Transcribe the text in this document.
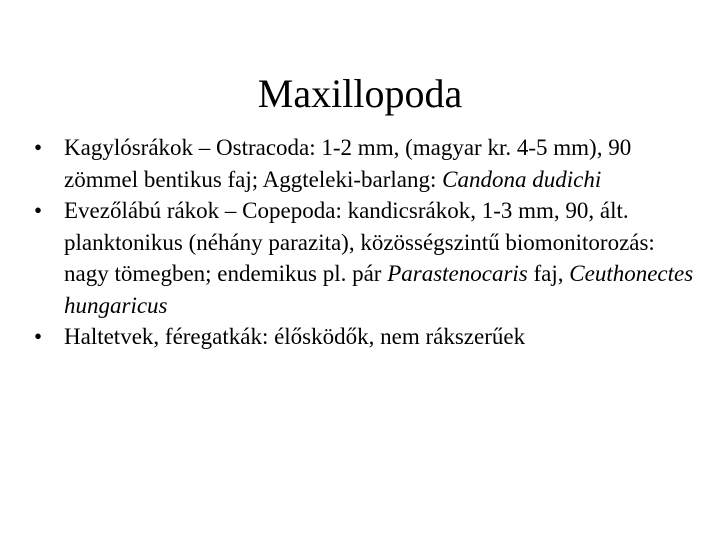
Maxillopoda
• Kagylósrákok – Ostracoda: 1-2 mm, (magyar kr. 4-5 mm), 90 zömmel bentikus faj; Aggteleki-barlang: Candona dudichi
• Evezőlábú rákok – Copepoda: kandicsrákok, 1-3 mm, 90, ált. planktonikus (néhány parazita), közösségszintű biomonitorozás: nagy tömegben; endemikus pl. pár Parastenocaris faj, Ceuthonectes hungaricus
• Haltetvek, féregatkák: élősködők, nem rákszerűek
